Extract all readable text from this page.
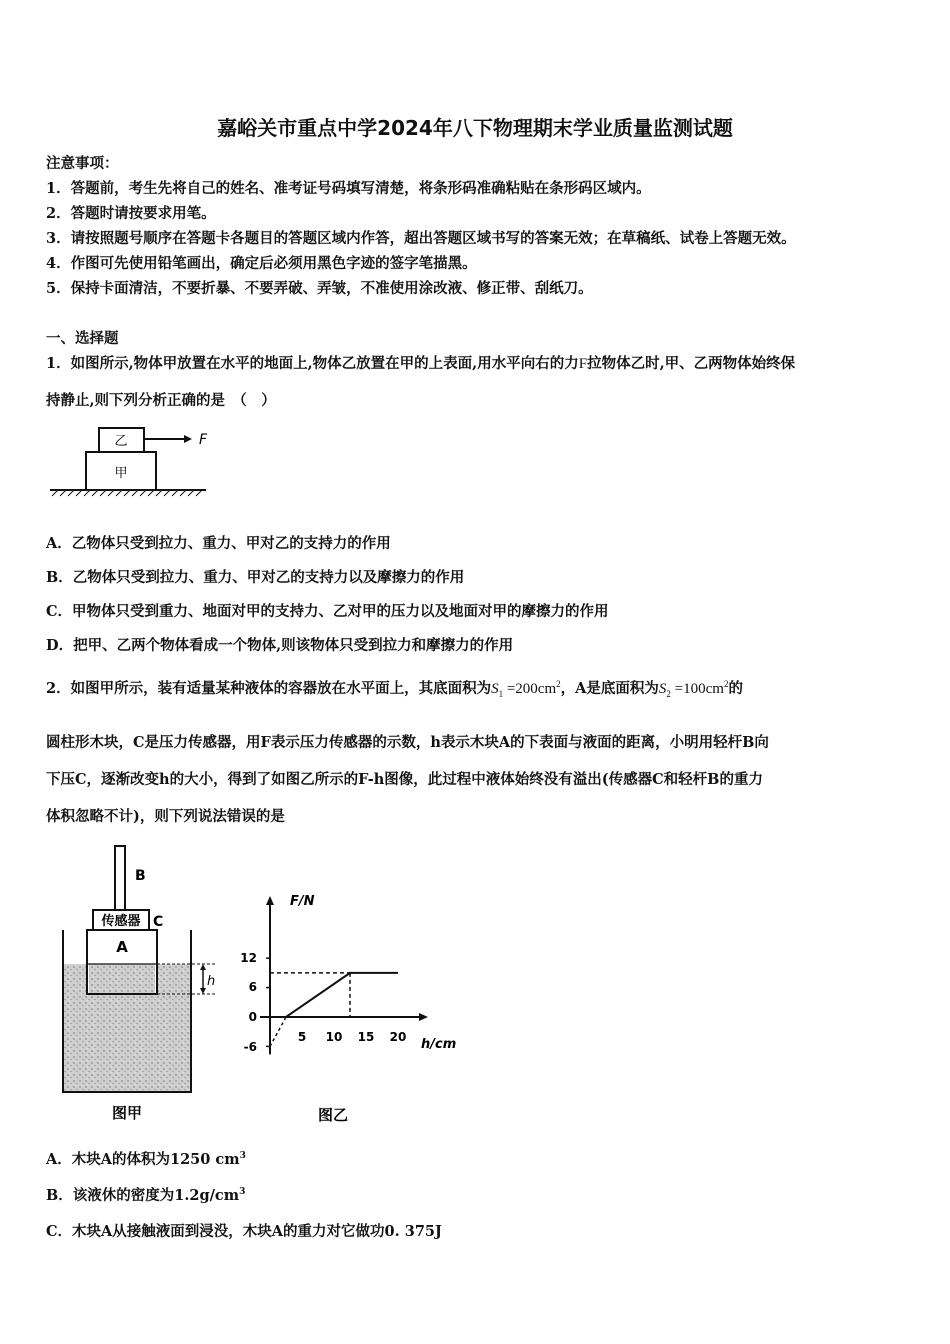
嘉峪关市重点中学2024年八下物理期末学业质量监测试题
注意事项：
1．答题前，考生先将自己的姓名、准考证号码填写清楚，将条形码准确粘贴在条形码区域内。
2．答题时请按要求用笔。
3．请按照题号顺序在答题卡各题目的答题区域内作答，超出答题区域书写的答案无效；在草稿纸、试卷上答题无效。
4．作图可先使用铅笔画出，确定后必须用黑色字迹的签字笔描黑。
5．保持卡面清洁，不要折暴、不要弄破、弄皱，不准使用涂改液、修正带、刮纸刀。
一、选择题
1．如图所示,物体甲放置在水平的地面上,物体乙放置在甲的上表面,用水平向右的力F拉物体乙时,甲、乙两物体始终保
持静止,则下列分析正确的是　（　）
乙	F
甲
A．乙物体只受到拉力、重力、甲对乙的支持力的作用
B．乙物体只受到拉力、重力、甲对乙的支持力以及摩擦力的作用
C．甲物体只受到重力、地面对甲的支持力、乙对甲的压力以及地面对甲的摩擦力的作用
D．把甲、乙两个物体看成一个物体,则该物体只受到拉力和摩擦力的作用
2．如图甲所示，装有适量某种液体的容器放在水平面上，其底面积为$S_1 =200cm^2$，A是底面积为$S_2 =100cm^2$的
圆柱形木块，C是压力传感器，用F表示压力传感器的示数，h表示木块A的下表面与液面的距离，小明用轻杆B向
下压C，逐渐改变h的大小，得到了如图乙所示的F-h图像，此过程中液体始终没有溢出(传感器C和轻杆B的重力
体积忽略不计)，则下列说法错误的是
B
传感器 C
A
h
图甲
F/N
h/cm
12
6
0
-6
5 10 15 20
图乙
A．木块A的体积为1250 $cm^3$
B．该液休的密度为$1.2g/cm^3$
C．木块A从接触液面到浸没，木块A的重力对它做功0. 375J
